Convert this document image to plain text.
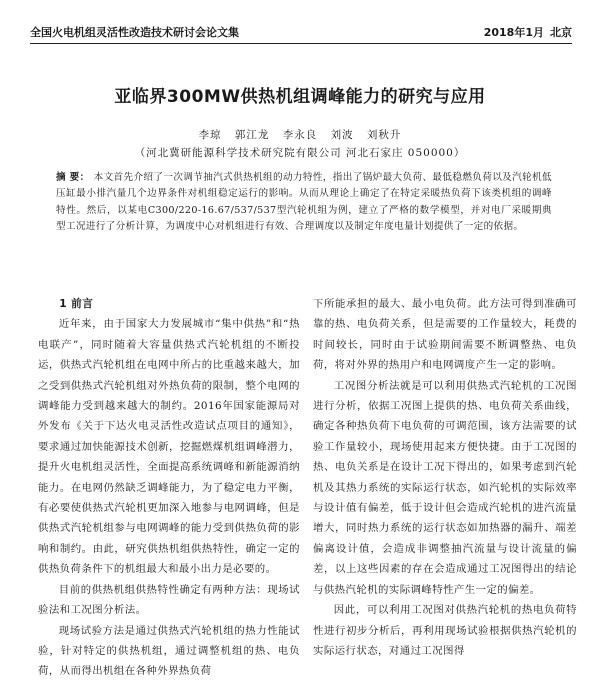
全国火电机组灵活性改造技术研讨会论文集	2018年1月 北京
亚临界300MW供热机组调峰能力的研究与应用
李琼 郭江龙 李永良 刘波 刘秋升
（河北冀研能源科学技术研究院有限公司 河北石家庄 050000）
摘 要： 本文首先介绍了一次调节抽汽式供热机组的动力特性，指出了锅炉最大负荷、最低稳燃负荷以及汽轮机低压缸最小排汽量几个边界条件对机组稳定运行的影响。从而从理论上确定了在特定采暖热负荷下该类机组的调峰特性。然后，以某电C300/220-16.67/537/537型汽轮机组为例，建立了严格的数学模型，并对电厂采暖期典型工况进行了分析计算，为调度中心对机组进行有效、合理调度以及制定年度电量计划提供了一定的依据。

1 前言

近年来，由于国家大力发展城市“集中供热”和“热电联产”，同时随着大容量供热式汽轮机组的不断投运，供热式汽轮机组在电网中所占的比重越来越大，加之受到供热式汽轮机组对外热负荷的限制，整个电网的调峰能力受到越来越大的制约。2016年国家能源局对外发布《关于下达火电灵活性改造试点项目的通知》，要求通过加快能源技术创新，挖掘燃煤机组调峰潜力，提升火电机组灵活性，全面提高系统调峰和新能源消纳能力。在电网仍然缺乏调峰能力，为了稳定电力平衡，有必要使供热式汽轮机更加深入地参与电网调峰，但是供热式汽轮机组参与电网调峰的能力受到供热负荷的影响和制约。由此，研究供热机组供热特性，确定一定的供热负荷条件下的机组最大和最小出力是必要的。

目前的供热机组供热特性确定有两种方法：现场试验法和工况图分析法。

现场试验方法是通过供热式汽轮机组的热力性能试验，针对特定的供热机组，通过调整机组的热、电负荷，从而得出机组在各种外界热负荷

下所能承担的最大、最小电负荷。此方法可得到准确可靠的热、电负荷关系，但是需要的工作量较大，耗费的时间较长，同时由于试验期间需要不断调整热、电负荷，将对外界的热用户和电网调度产生一定的影响。

工况图分析法就是可以利用供热式汽轮机的工况图进行分析，依据工况图上提供的热、电负荷关系曲线，确定各种热负荷下电负荷的可调范围，该方法需要的试验工作量较小，现场使用起来方便快捷。由于工况图的热、电负关系是在设计工况下得出的，如果考虑到汽轮机及其热力系统的实际运行状态，如汽轮机的实际效率与设计值有偏差，低于设计但会造成汽轮机的进汽流量增大，同时热力系统的运行状态如加热器的漏升、端差偏离设计值，会造成非调整抽汽流量与设计流量的偏差，以上这些因素的存在会造成通过工况图得出的结论与供热汽轮机的实际调峰特性产生一定的偏差。

因此，可以利用工况图对供热汽轮机的热电负荷特性进行初步分析后，再利用现场试验根据供热汽轮机的实际运行状态，对通过工况图得
